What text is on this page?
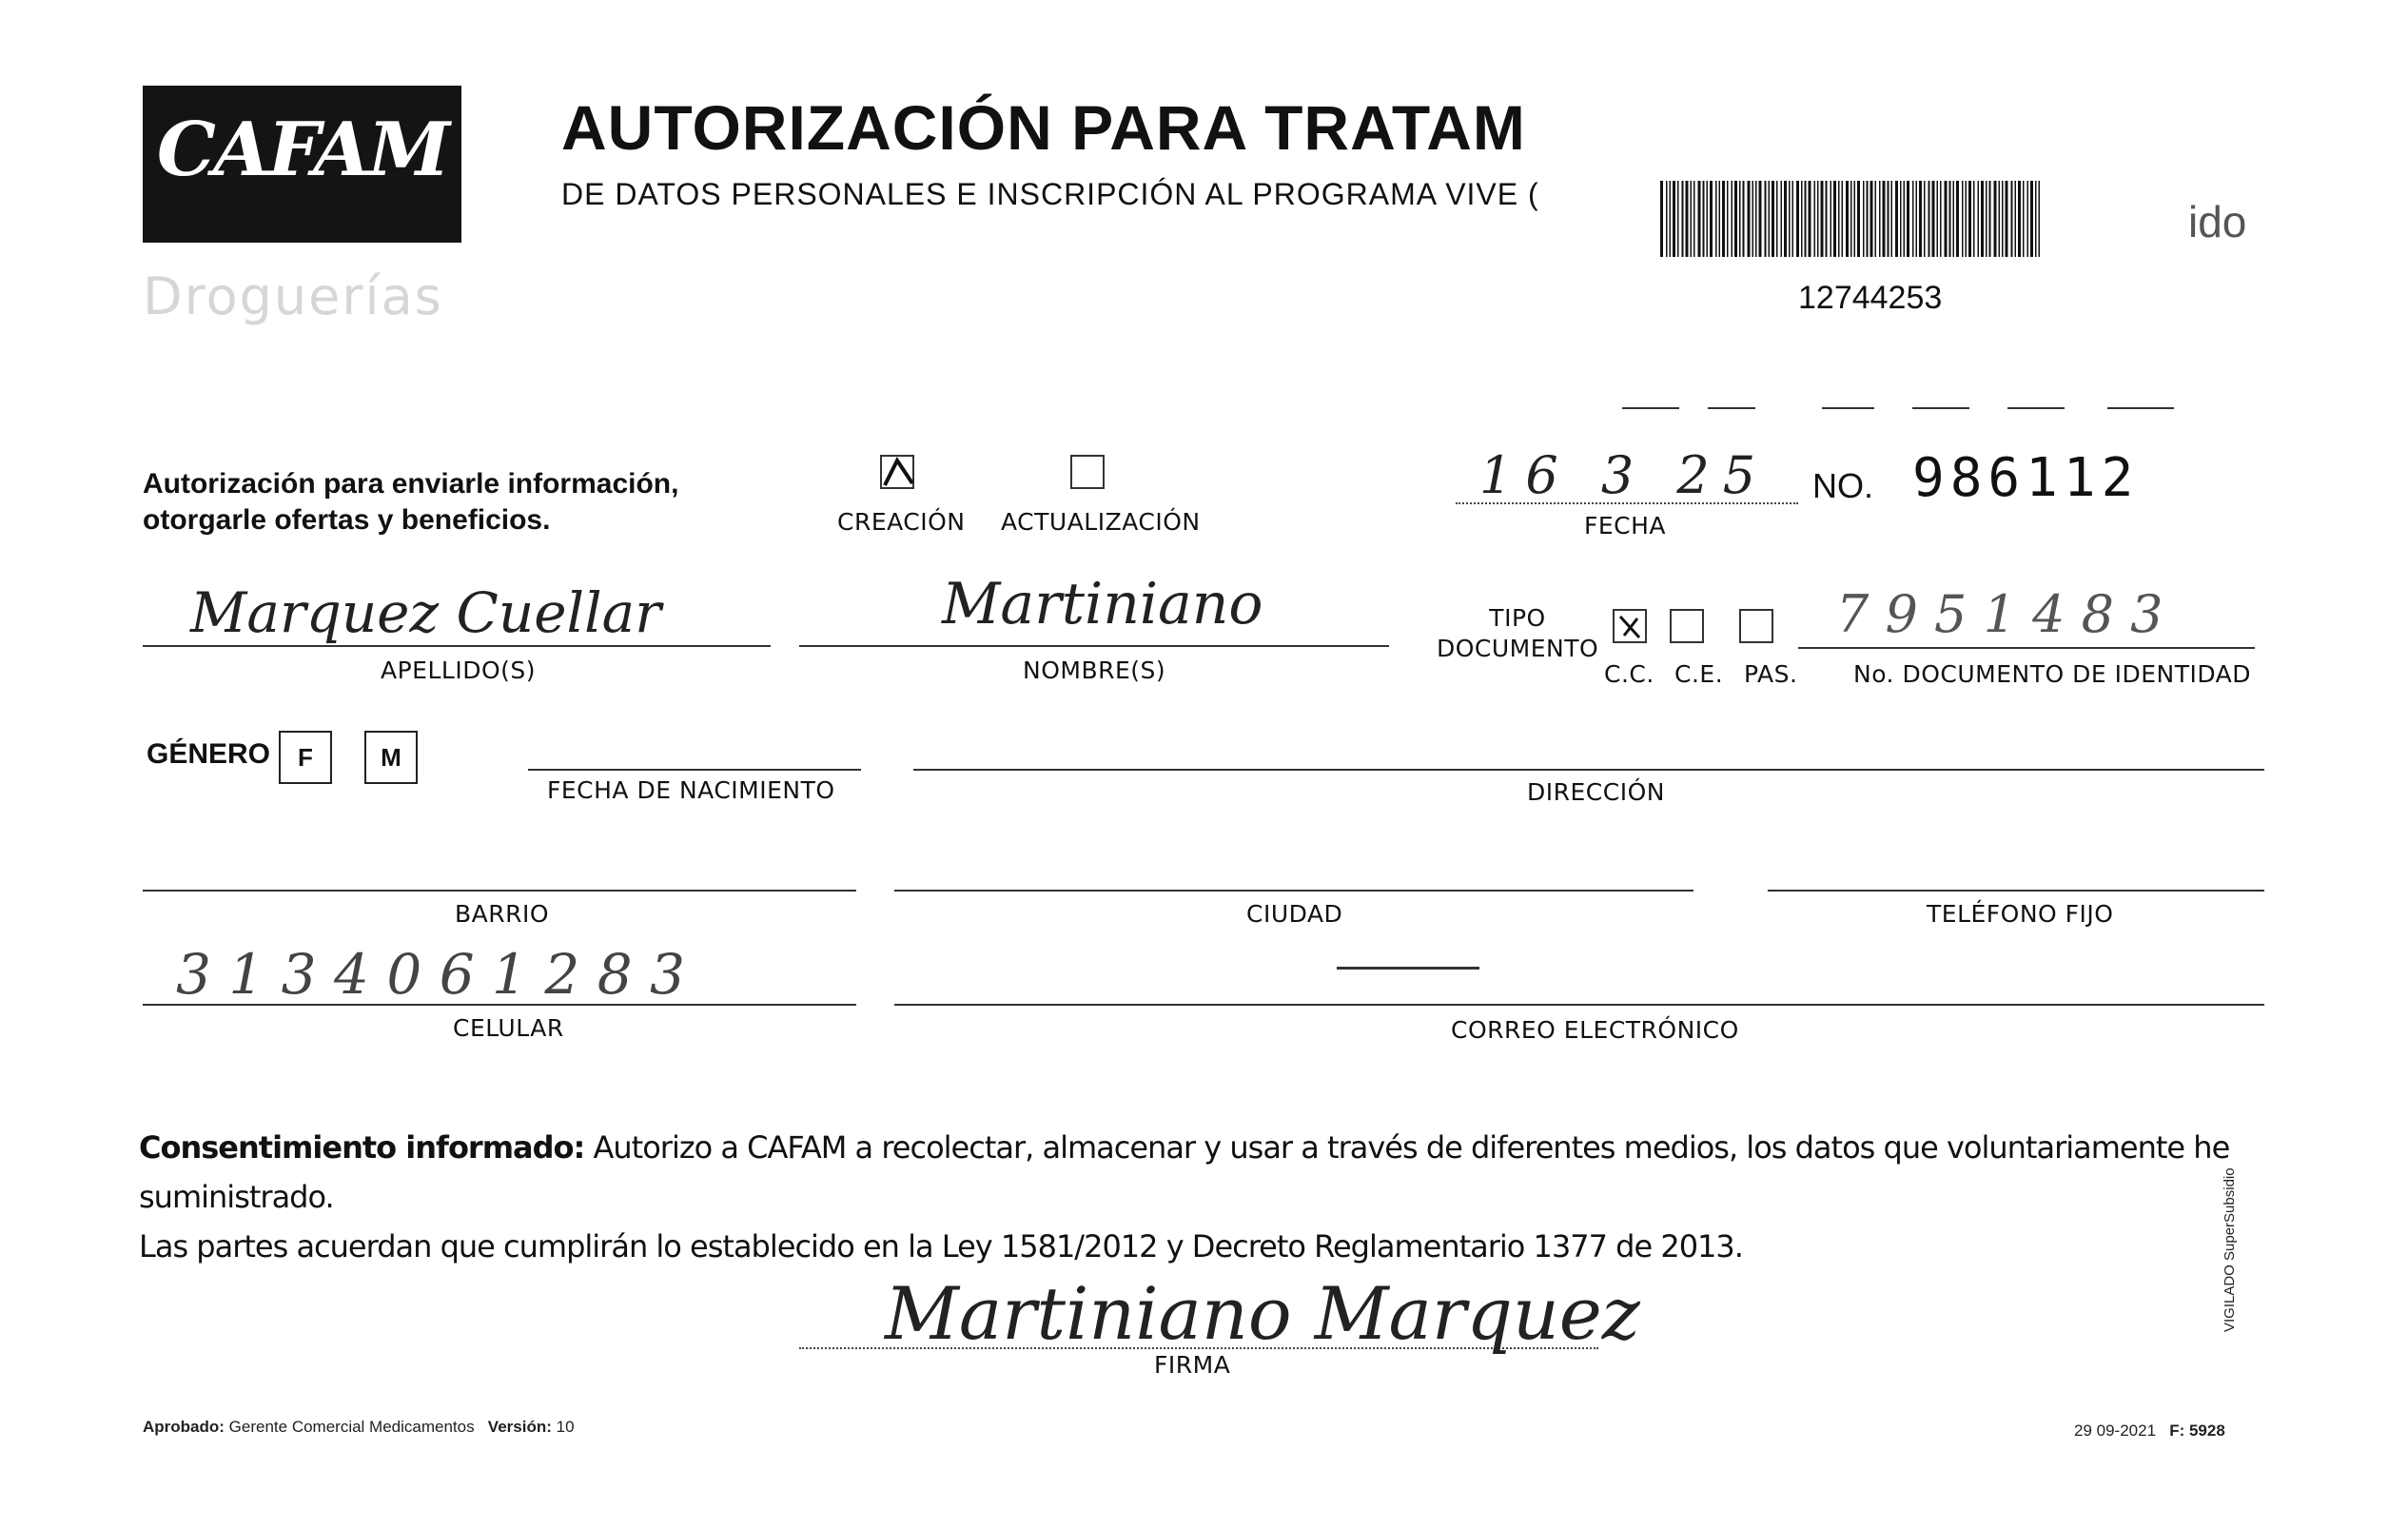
CAFAM
Droguerías
AUTORIZACIÓN PARA TRATAM
DE DATOS PERSONALES E INSCRIPCIÓN AL PROGRAMA VIVE (
12744253
ido
Autorización para enviarle información,
otorgarle ofertas y beneficios.	CREACIÓN ACTUALIZACIÓN
16 3 25
FECHA
NO. 986112
Marquez Cuellar
APELLIDO(S)
Martiniano
NOMBRE(S)
TIPO DOCUMENTO
C.C. C.E. PAS.
7 9 5 1 4 8 3
No. DOCUMENTO DE IDENTIDAD
GÉNERO	F	M
FECHA DE NACIMIENTO	DIRECCIÓN
BARRIO	CIUDAD	TELÉFONO FIJO
3 1 3 4 0 6 1 2 8 3
CELULAR	CORREO ELECTRÓNICO
Consentimiento informado: Autorizo a CAFAM a recolectar, almacenar y usar a través de diferentes medios, los datos que voluntariamente he suministrado.
Las partes acuerdan que cumplirán lo establecido en la Ley 1581/2012 y Decreto Reglamentario 1377 de 2013.
Martiniano Marquez
FIRMA
Aprobado: Gerente Comercial Medicamentos Versión: 10	29 09-2021 F: 5928
VIGILADO SuperSubsidio
